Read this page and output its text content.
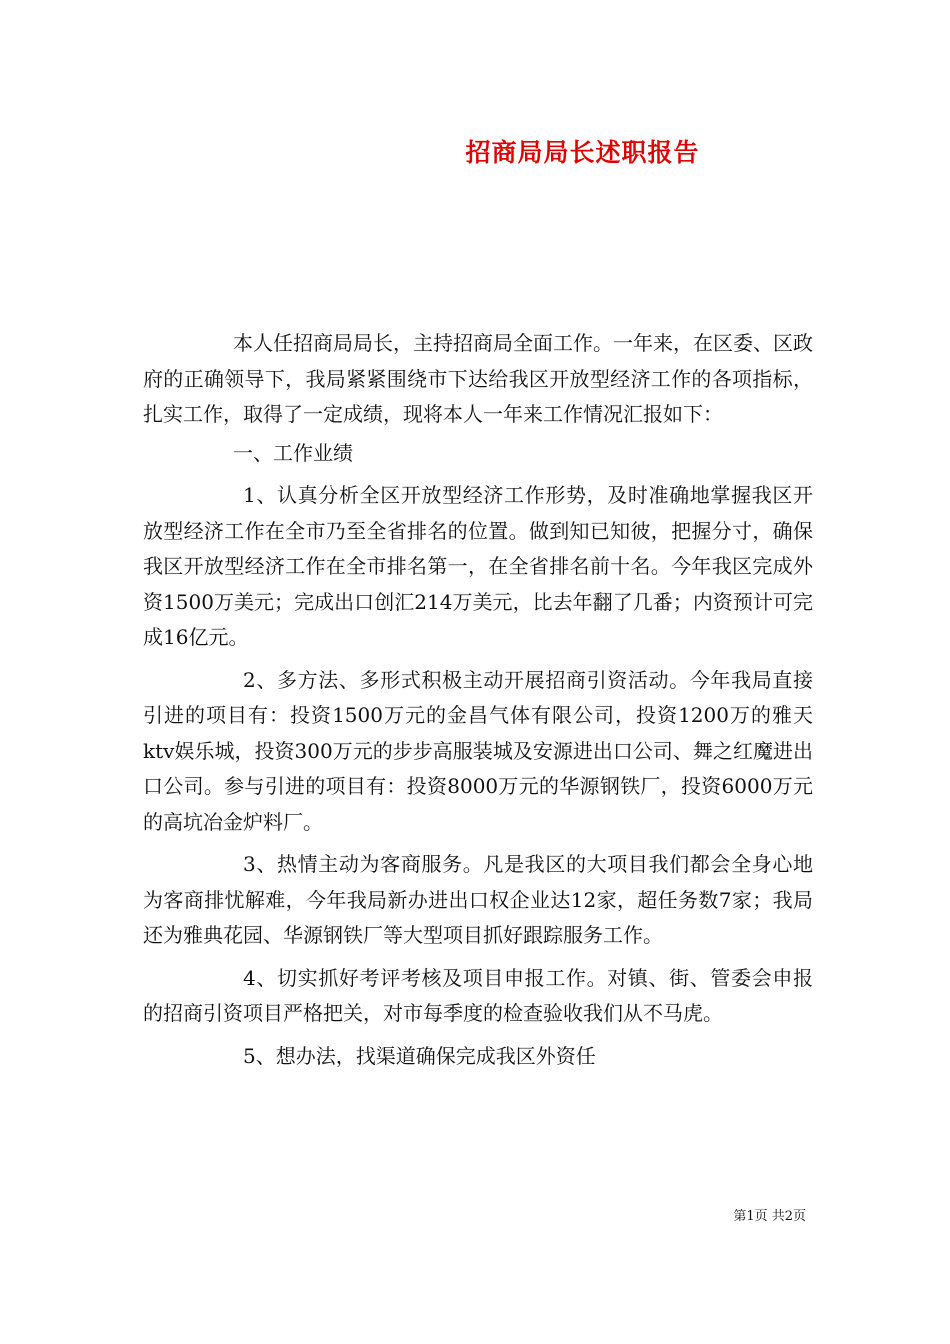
招商局局长述职报告

本人任招商局局长，主持招商局全面工作。一年来，在区委、区政府的正确领导下，我局紧紧围绕市下达给我区开放型经济工作的各项指标，扎实工作，取得了一定成绩，现将本人一年来工作情况汇报如下：

一、工作业绩

1、认真分析全区开放型经济工作形势，及时准确地掌握我区开放型经济工作在全市乃至全省排名的位置。做到知已知彼，把握分寸，确保我区开放型经济工作在全市排名第一，在全省排名前十名。今年我区完成外资1500万美元；完成出口创汇214万美元，比去年翻了几番；内资预计可完成16亿元。

2、多方法、多形式积极主动开展招商引资活动。今年我局直接引进的项目有：投资1500万元的金昌气体有限公司，投资1200万的雅天ktv娱乐城，投资300万元的步步高服装城及安源进出口公司、舞之红魔进出口公司。参与引进的项目有：投资8000万元的华源钢铁厂，投资6000万元的高坑冶金炉料厂。

3、热情主动为客商服务。凡是我区的大项目我们都会全身心地为客商排忧解难，今年我局新办进出口权企业达12家，超任务数7家；我局还为雅典花园、华源钢铁厂等大型项目抓好跟踪服务工作。

4、切实抓好考评考核及项目申报工作。对镇、街、管委会申报的招商引资项目严格把关，对市每季度的检查验收我们从不马虎。

5、想办法，找渠道确保完成我区外资任

第1页 共2页
